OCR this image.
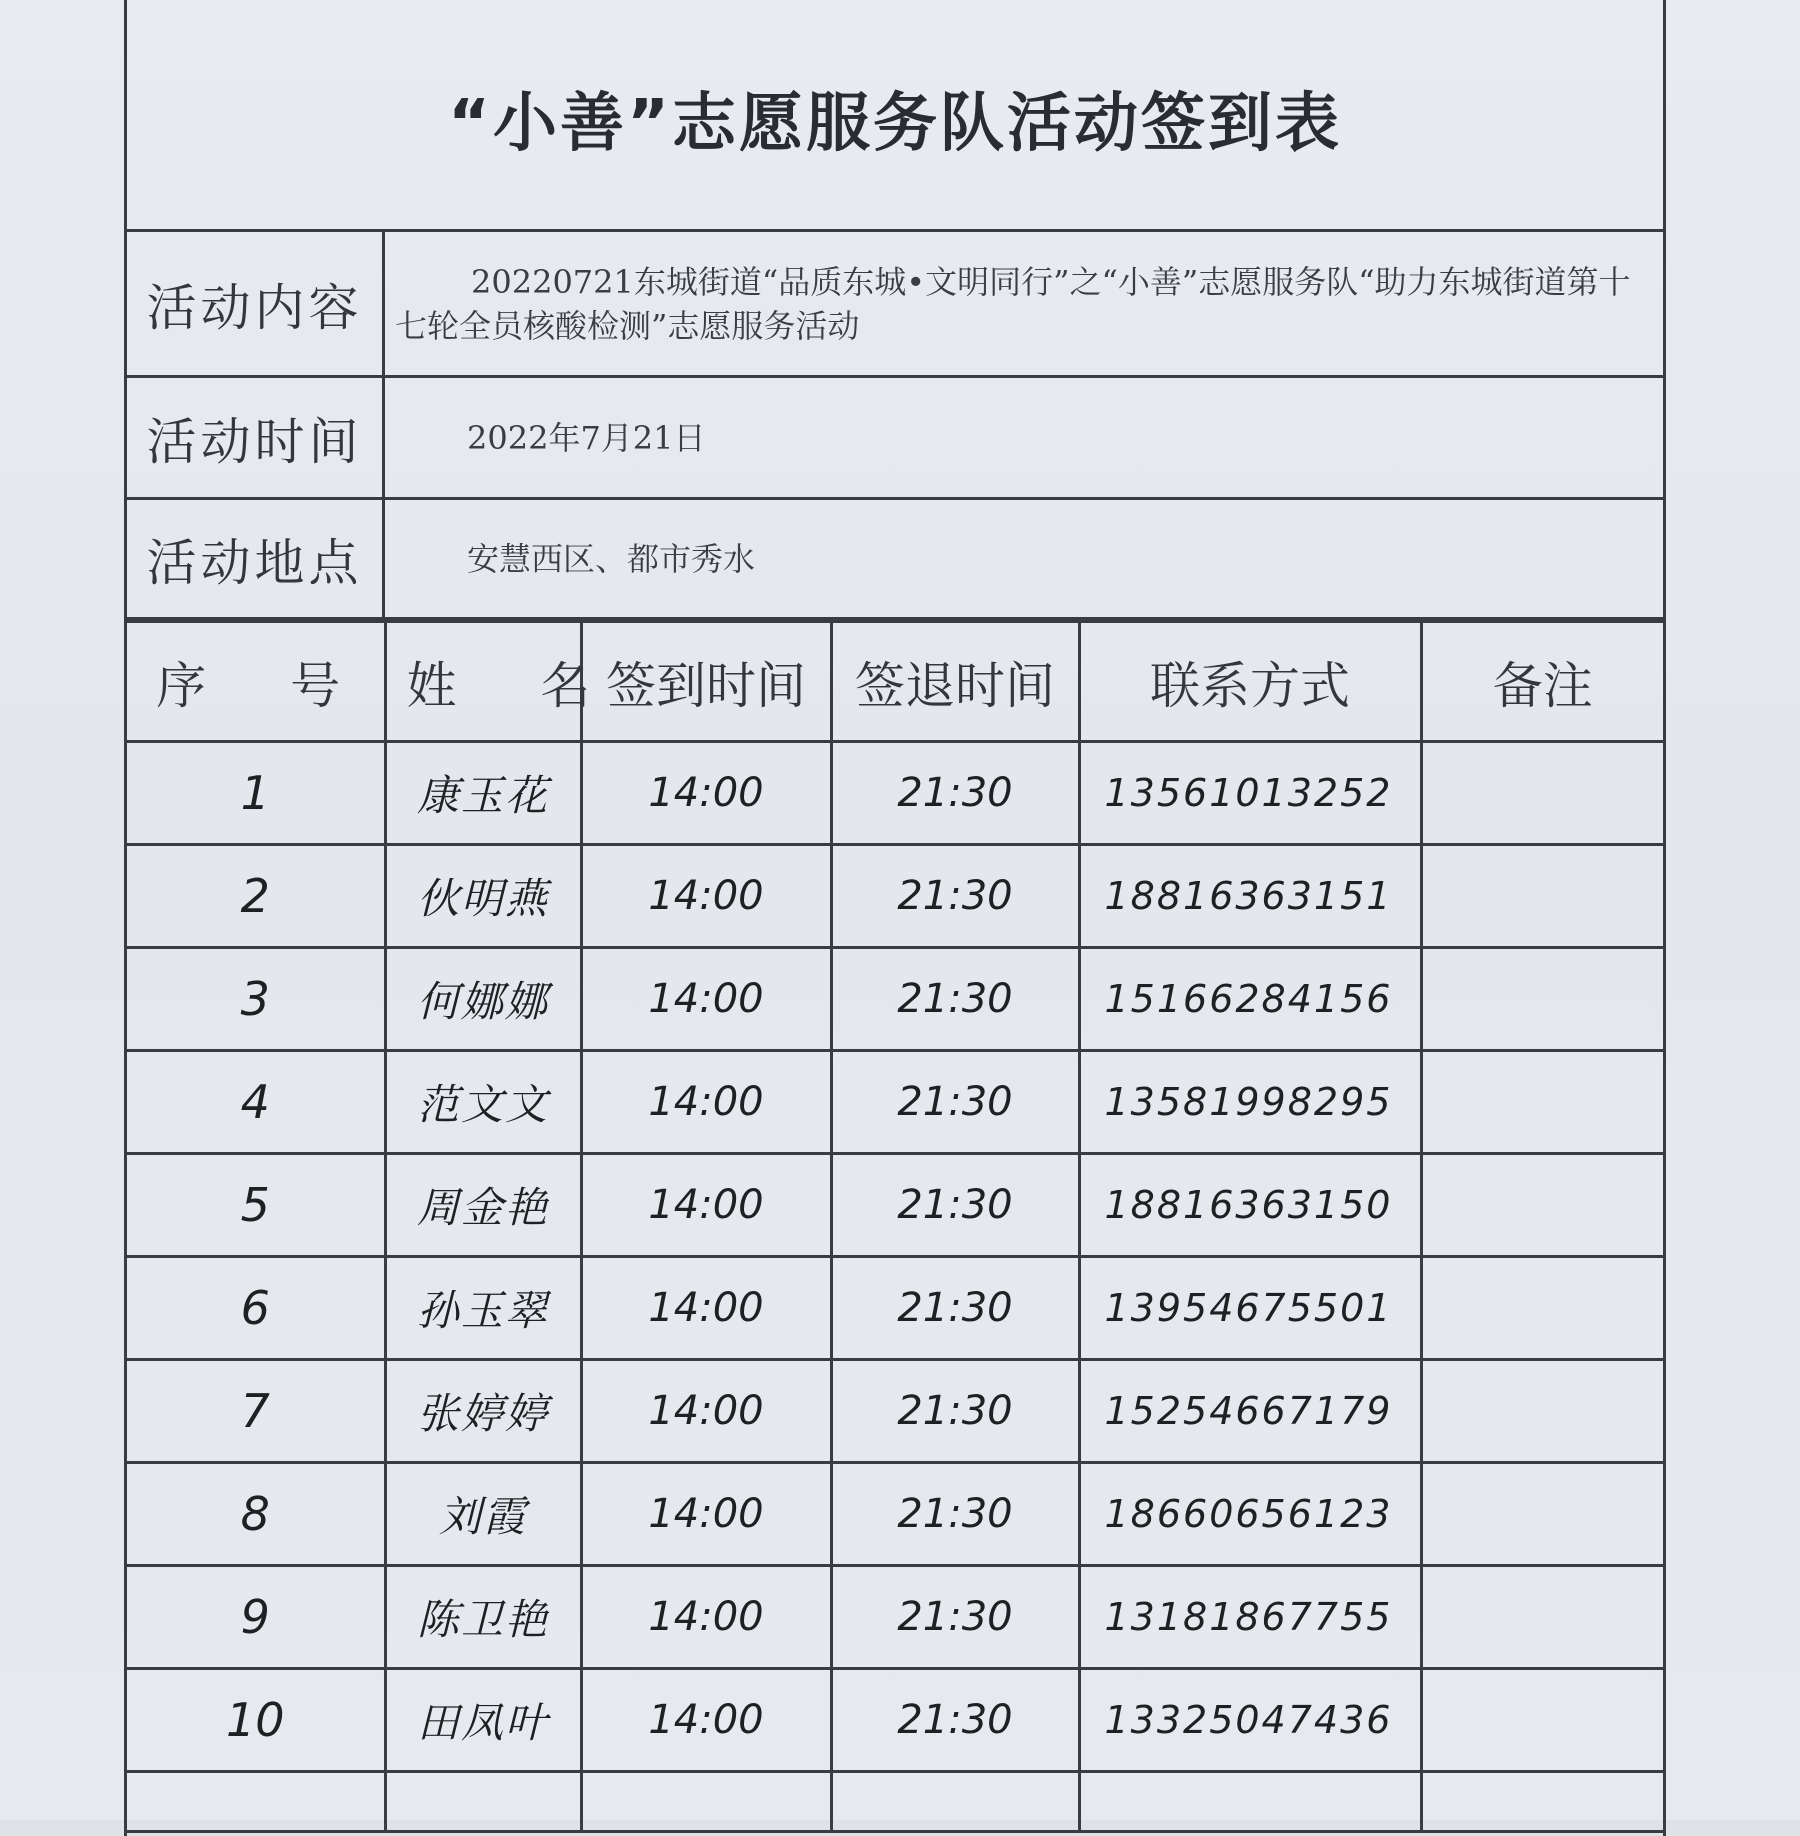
“小善”志愿服务队活动签到表
活动内容	20220721东城街道“品质东城•文明同行”之“小善”志愿服务队“助力东城街道第十七轮全员核酸检测”志愿服务活动
活动时间	2022年7月21日
活动地点	安慧西区、都市秀水
序 号	姓 名	签到时间	签退时间	联系方式	备注
1	康玉花	14:00	21:30	13561013252	
2	伙明燕	14:00	21:30	18816363151	
3	何娜娜	14:00	21:30	15166284156	
4	范文文	14:00	21:30	13581998295	
5	周金艳	14:00	21:30	18816363150	
6	孙玉翠	14:00	21:30	13954675501	
7	张婷婷	14:00	21:30	15254667179	
8	刘霞	14:00	21:30	18660656123	
9	陈卫艳	14:00	21:30	13181867755	
10	田凤叶	14:00	21:30	13325047436	
